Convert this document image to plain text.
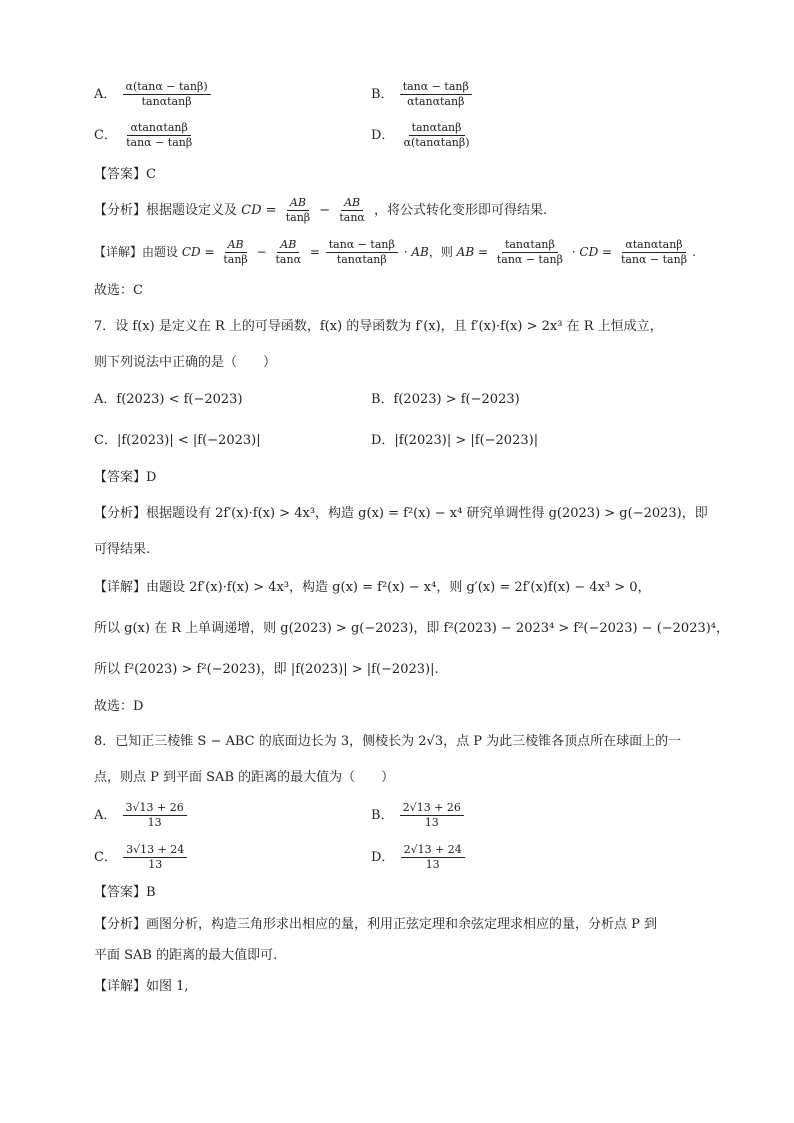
A． $\frac{\alpha(\tan\alpha - \tan\beta)}{\tan\alpha\tan\beta}$	B． $\frac{\tan\alpha - \tan\beta}{\alpha\tan\alpha\tan\beta}$
C． $\frac{\alpha\tan\alpha\tan\beta}{\tan\alpha - \tan\beta}$	D． $\frac{\tan\alpha\tan\beta}{\alpha(\tan\alpha\tan\beta)}$
【答案】C
【分析】根据题设定义及 CD = $\frac{AB}{\tan\beta} - \frac{AB}{\tan\alpha}$ ，将公式转化变形即可得结果.
【详解】由题设 CD = $\frac{AB}{\tan\beta} - \frac{AB}{\tan\alpha} = \frac{\tan\alpha - \tan\beta}{\tan\alpha\tan\beta}$ · AB，则 AB = $\frac{\tan\alpha\tan\beta}{\tan\alpha - \tan\beta}$ · CD = $\frac{\alpha\tan\alpha\tan\beta}{\tan\alpha - \tan\beta}$ .
故选：C
7．设 f(x) 是定义在 R 上的可导函数，f(x) 的导函数为 f′(x)，且 f′(x)·f(x) > 2x³ 在 R 上恒成立，
则下列说法中正确的是（　　）
A．f(2023) < f(−2023)	B．f(2023) > f(−2023)
C．|f(2023)| < |f(−2023)|	D．|f(2023)| > |f(−2023)|
【答案】D
【分析】根据题设有 2f′(x)·f(x) > 4x³，构造 g(x) = f²(x) − x⁴ 研究单调性得 g(2023) > g(−2023)，即
可得结果.
【详解】由题设 2f′(x)·f(x) > 4x³，构造 g(x) = f²(x) − x⁴，则 g′(x) = 2f′(x)f(x) − 4x³ > 0，
所以 g(x) 在 R 上单调递增，则 g(2023) > g(−2023)，即 f²(2023) − 2023⁴ > f²(−2023) − (−2023)⁴，
所以 f²(2023) > f²(−2023)，即 |f(2023)| > |f(−2023)|.
故选：D
8．已知正三棱锥 S − ABC 的底面边长为 3，侧棱长为 2√3，点 P 为此三棱锥各顶点所在球面上的一
点，则点 P 到平面 SAB 的距离的最大值为（　　）
A． $\frac{3√13 + 26}{13}$	B． $\frac{2√13 + 26}{13}$
C． $\frac{3√13 + 24}{13}$	D． $\frac{2√13 + 24}{13}$
【答案】B
【分析】画图分析，构造三角形求出相应的量，利用正弦定理和余弦定理求相应的量，分析点 P 到
平面 SAB 的距离的最大值即可.
【详解】如图 1,
